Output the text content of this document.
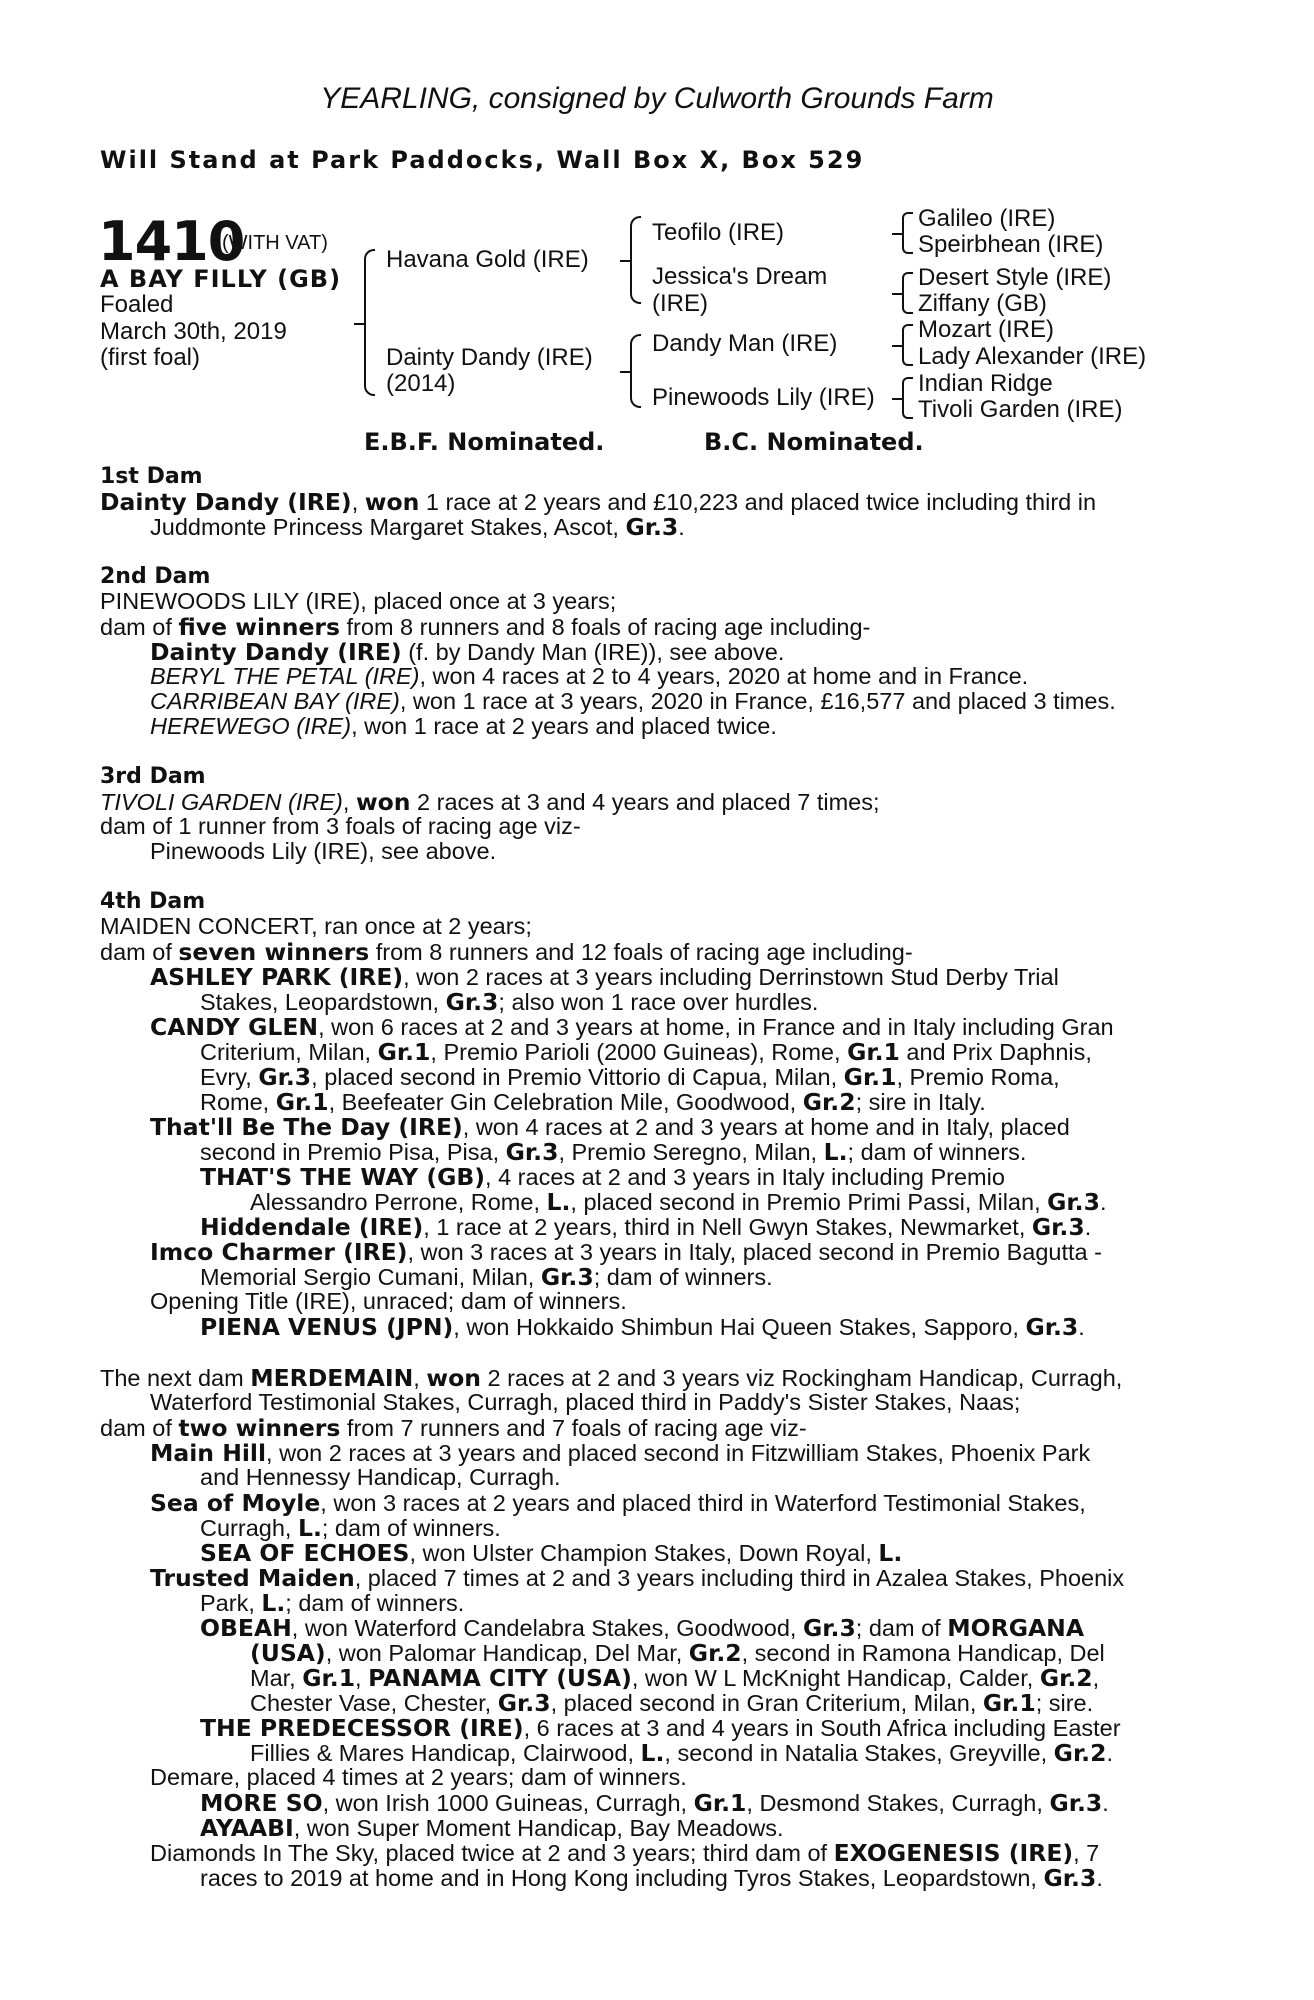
YEARLING, consigned by Culworth Grounds Farm
Will Stand at Park Paddocks, Wall Box X, Box 529
1410
(WITH VAT)
A BAY FILLY (GB)
Foaled
March 30th, 2019
(first foal)
Havana Gold (IRE)
Dainty Dandy (IRE)
(2014)
Teofilo (IRE)
Jessica's Dream
(IRE)
Dandy Man (IRE)
Pinewoods Lily (IRE)
Galileo (IRE)
Speirbhean (IRE)
Desert Style (IRE)
Ziffany (GB)
Mozart (IRE)
Lady Alexander (IRE)
Indian Ridge
Tivoli Garden (IRE)
E.B.F. Nominated.	B.C. Nominated.
1st Dam
Dainty Dandy (IRE), won 1 race at 2 years and £10,223 and placed twice including third in
Juddmonte Princess Margaret Stakes, Ascot, Gr.3.
2nd Dam
PINEWOODS LILY (IRE), placed once at 3 years;
dam of five winners from 8 runners and 8 foals of racing age including-
Dainty Dandy (IRE) (f. by Dandy Man (IRE)), see above.
BERYL THE PETAL (IRE), won 4 races at 2 to 4 years, 2020 at home and in France.
CARRIBEAN BAY (IRE), won 1 race at 3 years, 2020 in France, £16,577 and placed 3 times.
HEREWEGO (IRE), won 1 race at 2 years and placed twice.
3rd Dam
TIVOLI GARDEN (IRE), won 2 races at 3 and 4 years and placed 7 times;
dam of 1 runner from 3 foals of racing age viz-
Pinewoods Lily (IRE), see above.
4th Dam
MAIDEN CONCERT, ran once at 2 years;
dam of seven winners from 8 runners and 12 foals of racing age including-
ASHLEY PARK (IRE), won 2 races at 3 years including Derrinstown Stud Derby Trial
Stakes, Leopardstown, Gr.3; also won 1 race over hurdles.
CANDY GLEN, won 6 races at 2 and 3 years at home, in France and in Italy including Gran
Criterium, Milan, Gr.1, Premio Parioli (2000 Guineas), Rome, Gr.1 and Prix Daphnis,
Evry, Gr.3, placed second in Premio Vittorio di Capua, Milan, Gr.1, Premio Roma,
Rome, Gr.1, Beefeater Gin Celebration Mile, Goodwood, Gr.2; sire in Italy.
That'll Be The Day (IRE), won 4 races at 2 and 3 years at home and in Italy, placed
second in Premio Pisa, Pisa, Gr.3, Premio Seregno, Milan, L.; dam of winners.
THAT'S THE WAY (GB), 4 races at 2 and 3 years in Italy including Premio
Alessandro Perrone, Rome, L., placed second in Premio Primi Passi, Milan, Gr.3.
Hiddendale (IRE), 1 race at 2 years, third in Nell Gwyn Stakes, Newmarket, Gr.3.
Imco Charmer (IRE), won 3 races at 3 years in Italy, placed second in Premio Bagutta -
Memorial Sergio Cumani, Milan, Gr.3; dam of winners.
Opening Title (IRE), unraced; dam of winners.
PIENA VENUS (JPN), won Hokkaido Shimbun Hai Queen Stakes, Sapporo, Gr.3.
The next dam MERDEMAIN, won 2 races at 2 and 3 years viz Rockingham Handicap, Curragh,
Waterford Testimonial Stakes, Curragh, placed third in Paddy's Sister Stakes, Naas;
dam of two winners from 7 runners and 7 foals of racing age viz-
Main Hill, won 2 races at 3 years and placed second in Fitzwilliam Stakes, Phoenix Park
and Hennessy Handicap, Curragh.
Sea of Moyle, won 3 races at 2 years and placed third in Waterford Testimonial Stakes,
Curragh, L.; dam of winners.
SEA OF ECHOES, won Ulster Champion Stakes, Down Royal, L.
Trusted Maiden, placed 7 times at 2 and 3 years including third in Azalea Stakes, Phoenix
Park, L.; dam of winners.
OBEAH, won Waterford Candelabra Stakes, Goodwood, Gr.3; dam of MORGANA
(USA), won Palomar Handicap, Del Mar, Gr.2, second in Ramona Handicap, Del
Mar, Gr.1, PANAMA CITY (USA), won W L McKnight Handicap, Calder, Gr.2,
Chester Vase, Chester, Gr.3, placed second in Gran Criterium, Milan, Gr.1; sire.
THE PREDECESSOR (IRE), 6 races at 3 and 4 years in South Africa including Easter
Fillies & Mares Handicap, Clairwood, L., second in Natalia Stakes, Greyville, Gr.2.
Demare, placed 4 times at 2 years; dam of winners.
MORE SO, won Irish 1000 Guineas, Curragh, Gr.1, Desmond Stakes, Curragh, Gr.3.
AYAABI, won Super Moment Handicap, Bay Meadows.
Diamonds In The Sky, placed twice at 2 and 3 years; third dam of EXOGENESIS (IRE), 7
races to 2019 at home and in Hong Kong including Tyros Stakes, Leopardstown, Gr.3.
